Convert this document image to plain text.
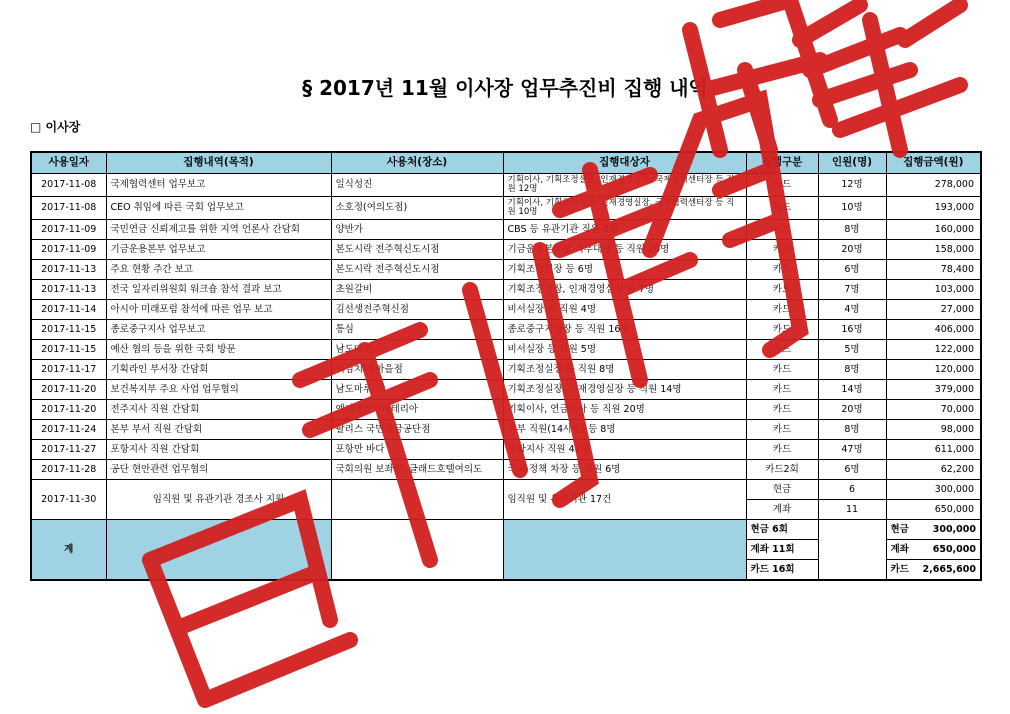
§ 2017년 11월 이사장 업무추진비 집행 내역
□ 이사장
사용일자	집행내역(목적)	사용처(장소)	집행대상자	집행구분	인원(명)	집행금액(원)
2017-11-08	국제협력센터 업무보고	일식성진	기획이사, 기획조정실장, 인재경영실장, 국제협력센터장 등 직원 12명	카드	12명	278,000
2017-11-08	CEO 취임에 따른 국회 업무보고	소호정(여의도점)	기획이사, 기획조정실장, 인재경영실장, 국제협력센터장 등 직원 10명	카드	10명	193,000
2017-11-09	국민연금 신뢰제고를 위한 지역 언론사 간담회	양반가	CBS 등 유관기관 직원 8명	카드	8명	160,000
2017-11-09	기금운용본부 업무보고	본도시락 전주혁신도시점	기금운용본부장 직무대행 등 직원 20명	카드	20명	158,000
2017-11-13	주요 현황 주간 보고	본도시락 전주혁신도시점	기획조정실장 등 6명	카드	6명	78,400
2017-11-13	전국 일자리위원회 워크숍 참석 결과 보고	초원갈비	기획조정실장, 인재경영실장 등 7명	카드	7명	103,000
2017-11-14	아시아 미래포럼 참석에 따른 업무 보고	김선생전주혁신점	비서실장 등 직원 4명	카드	4명	27,000
2017-11-15	종로중구지사 업무보고	통심	종로중구지사장 등 직원 16명	카드	16명	406,000
2017-11-15	예산 협의 등을 위한 국회 방문	남도마루	비서실장 등 직원 5명	카드	5명	122,000
2017-11-17	기획라인 부서장 간담회	백김치 새마을점	기획조정실장 등 직원 8명	카드	8명	120,000
2017-11-20	보건복지부 주요 사업 업무협의	남도마루	기획조정실장, 인재경영실장 등 직원 14명	카드	14명	379,000
2017-11-20	전주지사 직원 간담회	엔피에스카페테리아	기획이사, 연금이사 등 직원 20명	카드	20명	70,000
2017-11-24	본부 부서 직원 간담회	팔리스 국민연금공단점	본부 직원(14사번) 등 8명	카드	8명	98,000
2017-11-27	포항지사 직원 간담회	포항만 바다	포항지사 직원 47명	카드	47명	611,000
2017-11-28	공단 현안관련 업무협의	국회의원 보좌관, 글래드호텔여의도	국회 정책 차장 등 직원 6명	카드2회	6명	62,200
2017-11-30	임직원 및 유관기관 경조사 지원		임직원 및 유관기관 17건	현금	6	300,000
				계좌	11	650,000
계				현금 6회		현금 300,000

				계좌 11회		계좌 650,000

				카드 16회		카드 2,665,600
